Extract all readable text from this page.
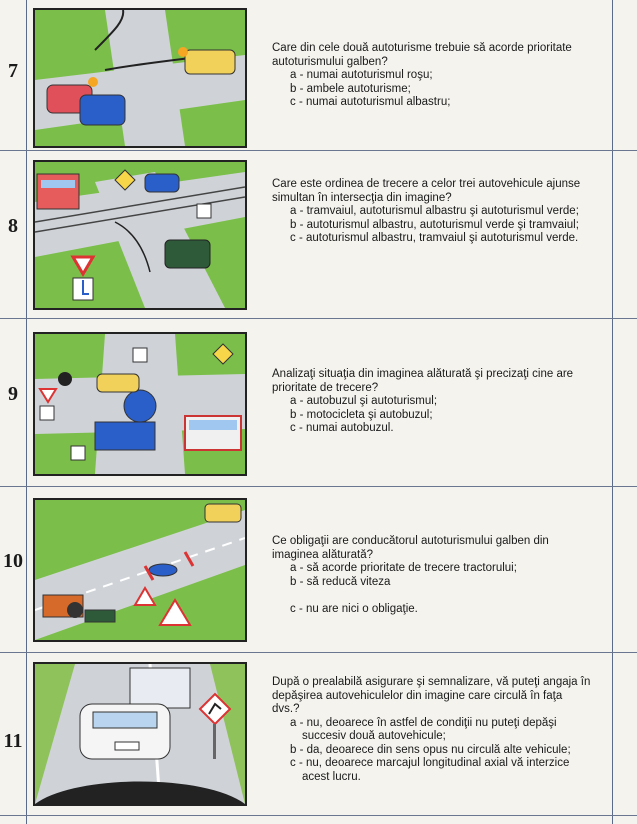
7

Care din cele două autoturisme trebuie să acorde prioritate autoturismului galben?

a - numai autoturismul roşu;

b - ambele autoturisme;

c - numai autoturismul albastru;

8

Care este ordinea de trecere a celor trei autovehicule ajunse simultan în intersecţia din imagine?

a - tramvaiul, autoturismul albastru şi autoturismul verde;

b - autoturismul albastru, autoturismul verde şi tramvaiul;

c - autoturismul albastru, tramvaiul şi autoturismul verde.

9

Analizaţi situaţia din imaginea alăturată şi precizaţi cine are prioritate de trecere?

a - autobuzul şi autoturismul;

b - motocicleta şi autobuzul;

c - numai autobuzul.

10

Ce obligaţii are conducătorul autoturismului galben din imaginea alăturată?

a - să acorde prioritate de trecere tractorului;

b - să reducă viteza

c - nu are nici o obligaţie.

11

După o prealabilă asigurare şi semnalizare, vă puteţi angaja în depăşirea autovehiculelor din imagine care circulă în faţa dvs.?

a - nu, deoarece în astfel de condiţii nu puteţi depăşi succesiv două autovehicule;

b - da, deoarece din sens opus nu circulă alte vehicule;

c - nu, deoarece marcajul longitudinal axial vă interzice acest lucru.
